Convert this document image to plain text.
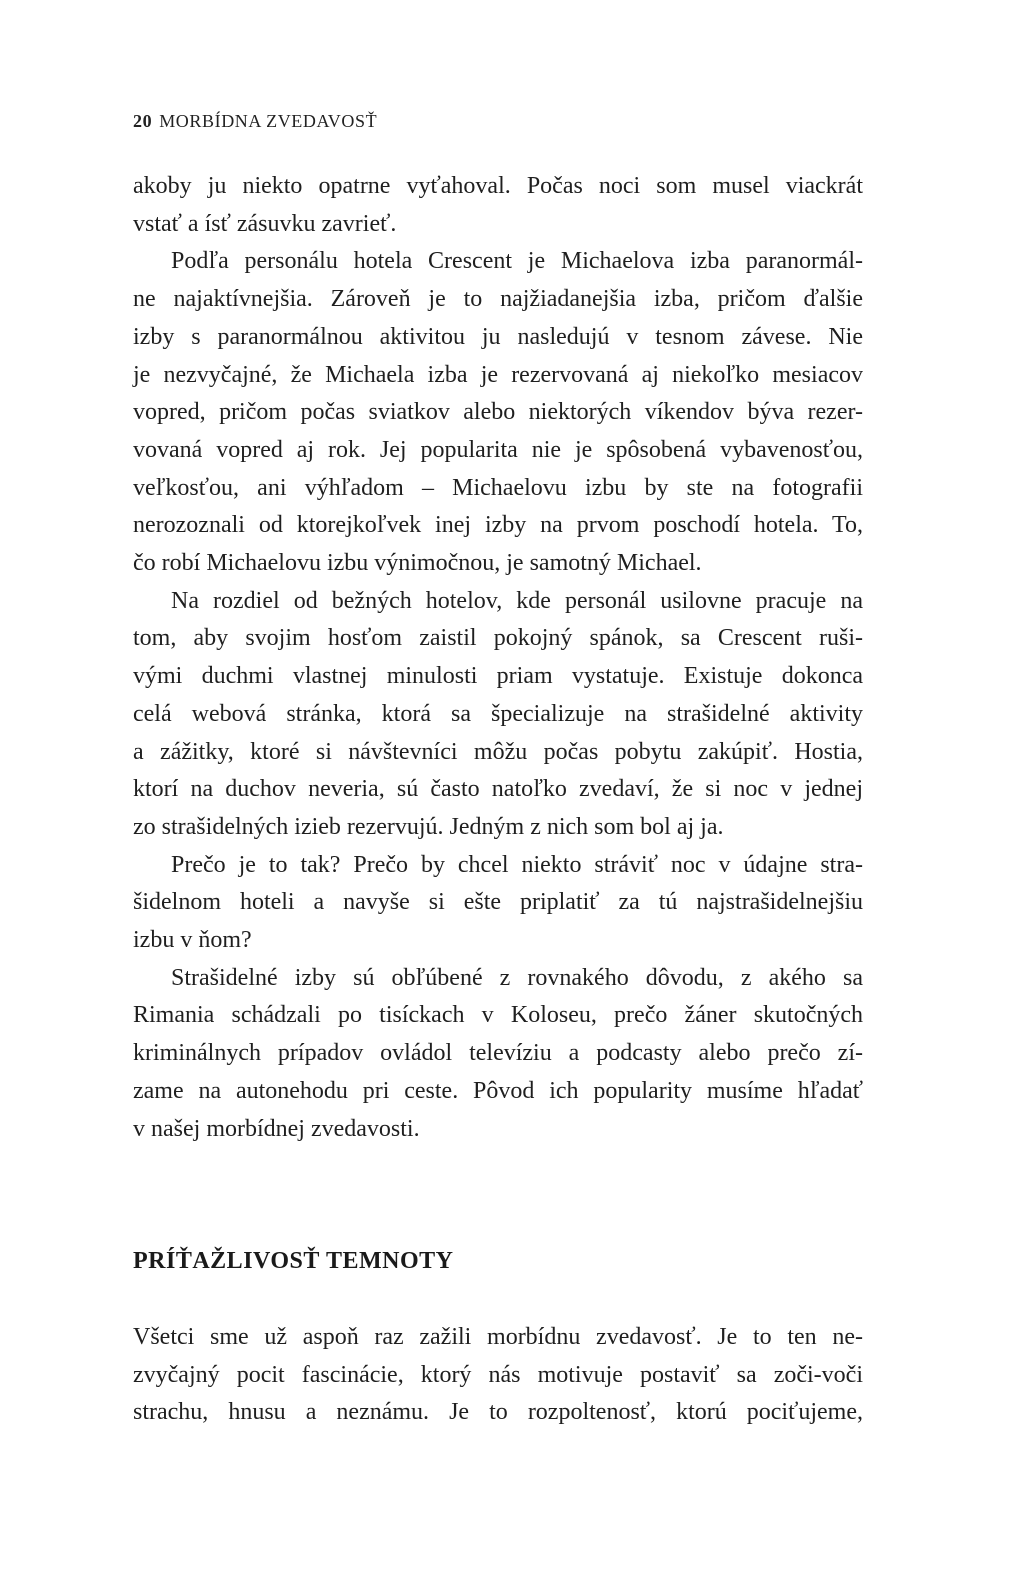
20 MORBÍDNA ZVEDAVOSŤ

akoby ju niekto opatrne vyťahoval. Počas noci som musel viackrát

vstať a ísť zásuvku zavrieť.

Podľa personálu hotela Crescent je Michaelova izba paranormál-

ne najaktívnejšia. Zároveň je to najžiadanejšia izba, pričom ďalšie

izby s paranormálnou aktivitou ju nasledujú v tesnom závese. Nie

je nezvyčajné, že Michaela izba je rezervovaná aj niekoľko mesiacov

vopred, pričom počas sviatkov alebo niektorých víkendov býva rezer-

vovaná vopred aj rok. Jej popularita nie je spôsobená vybavenosťou,

veľkosťou, ani výhľadom – Michaelovu izbu by ste na fotografii

nerozoznali od ktorejkoľvek inej izby na prvom poschodí hotela. To,

čo robí Michaelovu izbu výnimočnou, je samotný Michael.

Na rozdiel od bežných hotelov, kde personál usilovne pracuje na

tom, aby svojim hosťom zaistil pokojný spánok, sa Crescent ruši-

vými duchmi vlastnej minulosti priam vystatuje. Existuje dokonca

celá webová stránka, ktorá sa špecializuje na strašidelné aktivity

a zážitky, ktoré si návštevníci môžu počas pobytu zakúpiť. Hostia,

ktorí na duchov neveria, sú často natoľko zvedaví, že si noc v jednej

zo strašidelných izieb rezervujú. Jedným z nich som bol aj ja.

Prečo je to tak? Prečo by chcel niekto stráviť noc v údajne stra-

šidelnom hoteli a navyše si ešte priplatiť za tú najstrašidelnejšiu

izbu v ňom?

Strašidelné izby sú obľúbené z rovnakého dôvodu, z akého sa

Rimania schádzali po tisíckach v Koloseu, prečo žáner skutočných

kriminálnych prípadov ovládol televíziu a podcasty alebo prečo zí-

zame na autonehodu pri ceste. Pôvod ich popularity musíme hľadať

v našej morbídnej zvedavosti.

PRÍŤAŽLIVOSŤ TEMNOTY

Všetci sme už aspoň raz zažili morbídnu zvedavosť. Je to ten ne-

zvyčajný pocit fascinácie, ktorý nás motivuje postaviť sa zoči-voči

strachu, hnusu a neznámu. Je to rozpoltenosť, ktorú pociťujeme,
